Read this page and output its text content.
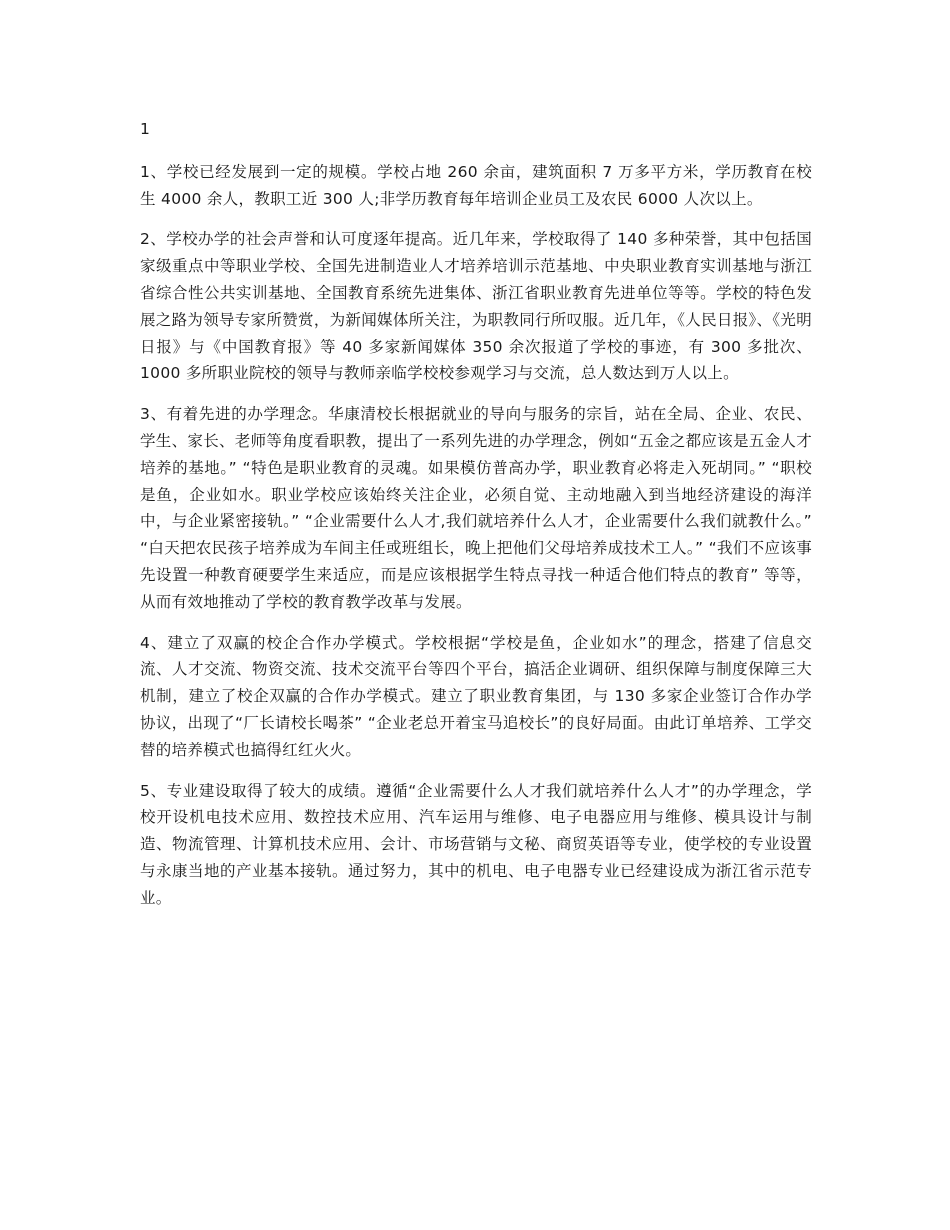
1

1、学校已经发展到一定的规模。学校占地 260 余亩，建筑面积 7 万多平方米，学历教育在校生 4000 余人，教职工近 300 人;非学历教育每年培训企业员工及农民 6000 人次以上。

2、学校办学的社会声誉和认可度逐年提高。近几年来，学校取得了 140 多种荣誉，其中包括国家级重点中等职业学校、全国先进制造业人才培养培训示范基地、中央职业教育实训基地与浙江省综合性公共实训基地、全国教育系统先进集体、浙江省职业教育先进单位等等。学校的特色发展之路为领导专家所赞赏，为新闻媒体所关注，为职教同行所叹服。近几年，《人民日报》、《光明日报》与《中国教育报》等 40 多家新闻媒体 350 余次报道了学校的事迹，有 300 多批次、1000 多所职业院校的领导与教师亲临学校校参观学习与交流，总人数达到万人以上。

3、有着先进的办学理念。华康清校长根据就业的导向与服务的宗旨，站在全局、企业、农民、学生、家长、老师等角度看职教，提出了一系列先进的办学理念，例如“五金之都应该是五金人才培养的基地。” “特色是职业教育的灵魂。如果模仿普高办学，职业教育必将走入死胡同。” “职校是鱼，企业如水。职业学校应该始终关注企业，必须自觉、主动地融入到当地经济建设的海洋中，与企业紧密接轨。” “企业需要什么人才,我们就培养什么人才，企业需要什么我们就教什么。” “白天把农民孩子培养成为车间主任或班组长，晚上把他们父母培养成技术工人。” “我们不应该事先设置一种教育硬要学生来适应，而是应该根据学生特点寻找一种适合他们特点的教育” 等等，从而有效地推动了学校的教育教学改革与发展。

4、建立了双赢的校企合作办学模式。学校根据“学校是鱼，企业如水”的理念，搭建了信息交流、人才交流、物资交流、技术交流平台等四个平台，搞活企业调研、组织保障与制度保障三大机制，建立了校企双赢的合作办学模式。建立了职业教育集团，与 130 多家企业签订合作办学协议，出现了“厂长请校长喝茶” “企业老总开着宝马追校长”的良好局面。由此订单培养、工学交替的培养模式也搞得红红火火。

5、专业建设取得了较大的成绩。遵循“企业需要什么人才我们就培养什么人才”的办学理念，学校开设机电技术应用、数控技术应用、汽车运用与维修、电子电器应用与维修、模具设计与制造、物流管理、计算机技术应用、会计、市场营销与文秘、商贸英语等专业，使学校的专业设置与永康当地的产业基本接轨。通过努力，其中的机电、电子电器专业已经建设成为浙江省示范专业。
